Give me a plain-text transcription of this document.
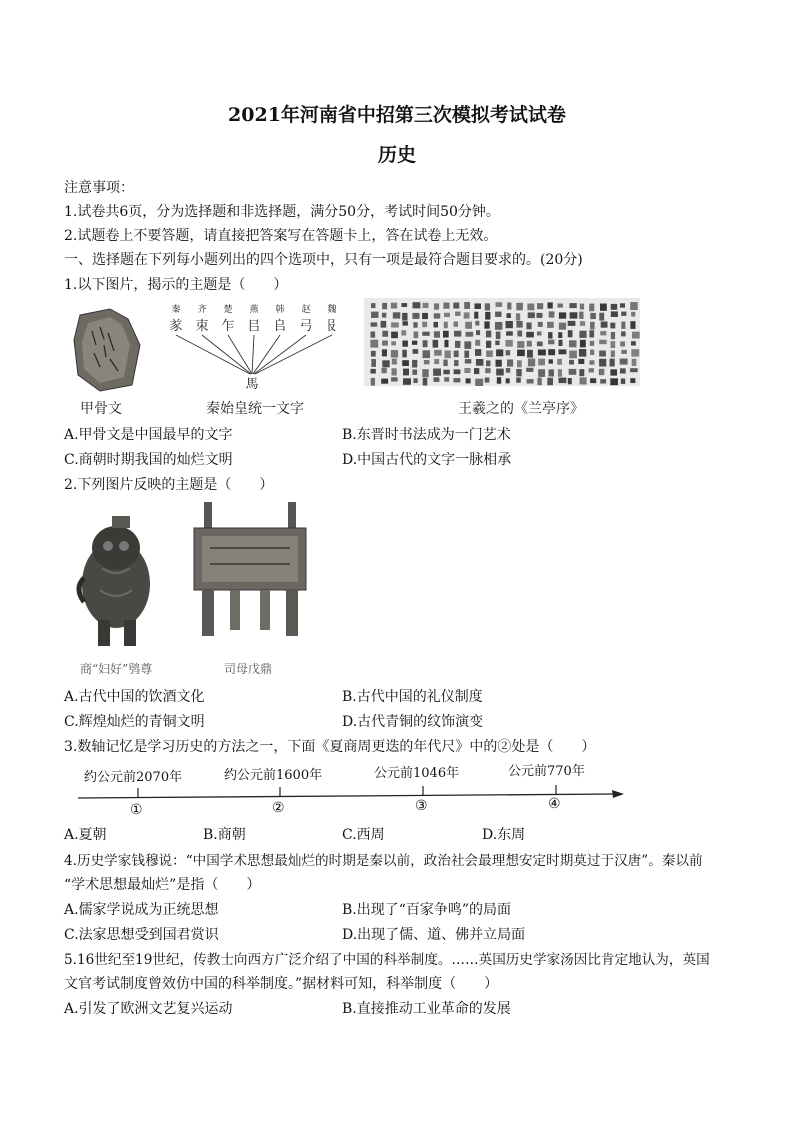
2021年河南省中招第三次模拟考试试卷
历史
注意事项：
1.试卷共6页，分为选择题和非选择题，满分50分，考试时间50分钟。
2.试题卷上不要答题，请直接把答案写在答题卡上，答在试卷上无效。
一、选择题在下列每小题列出的四个选项中，只有一项是最符合题目要求的。(20分)
1.以下图片，揭示的主题是（　　）
甲骨文
秦 齐 楚 燕 韩 赵 魏
㒸 朿 乍 㠯 𠂤 弓 𠬝
馬
秦始皇统一文字	王羲之的《兰亭序》
A.甲骨文是中国最早的文字	B.东晋时书法成为一门艺术
C.商朝时期我国的灿烂文明	D.中国古代的文字一脉相承
2.下列图片反映的主题是（　　）
商“妇好”鸮尊	司母戊鼎
A.古代中国的饮酒文化	B.古代中国的礼仪制度
C.辉煌灿烂的青铜文明	D.古代青铜的纹饰演变
3.数轴记忆是学习历史的方法之一，下面《夏商周更迭的年代尺》中的②处是（　　）
约公元前2070年	约公元前1600年	公元前1046年	公元前770年
①	②	③	④
A.夏朝	B.商朝	C.西周	D.东周
4.历史学家钱穆说：“中国学术思想最灿烂的时期是秦以前，政治社会最理想安定时期莫过于汉唐”。秦以前
“学术思想最灿烂”是指（　　）
A.儒家学说成为正统思想	B.出现了“百家争鸣”的局面
C.法家思想受到国君赏识	D.出现了儒、道、佛并立局面
5.16世纪至19世纪，传教士向西方广泛介绍了中国的科举制度。……英国历史学家汤因比肯定地认为，英国
文官考试制度曾效仿中国的科举制度。”据材料可知，科举制度（　　）
A.引发了欧洲文艺复兴运动	B.直接推动工业革命的发展
